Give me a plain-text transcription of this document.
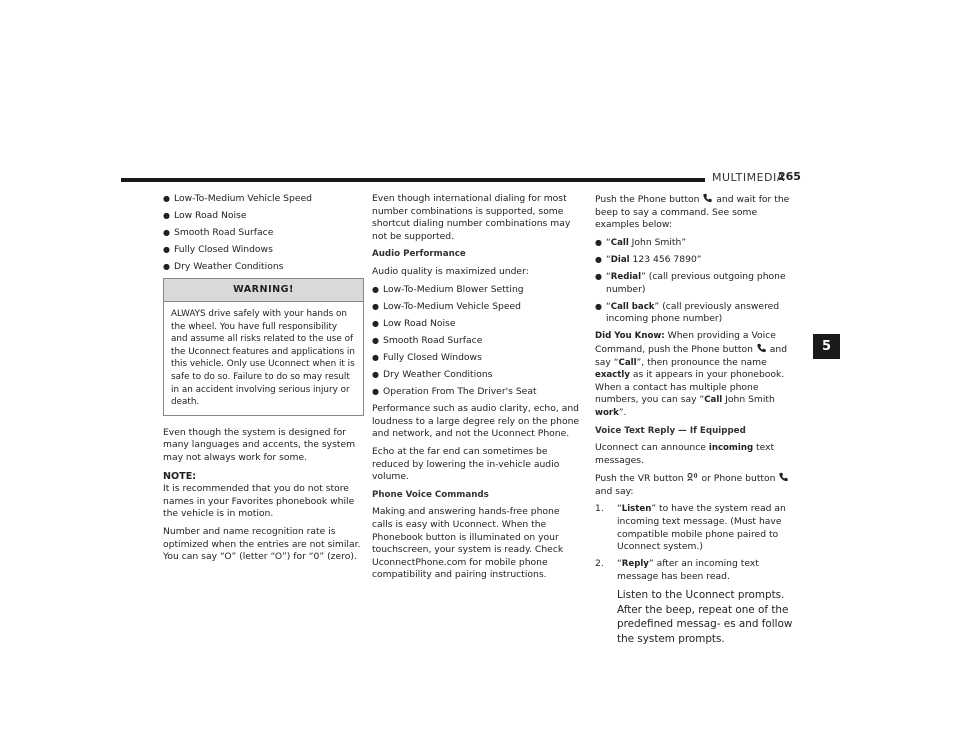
MULTIMEDIA
265
5
● Low-To-Medium Vehicle Speed
● Low Road Noise
● Smooth Road Surface
● Fully Closed Windows
● Dry Weather Conditions
WARNING!
ALWAYS drive safely with your hands on the wheel. You have full responsibility and assume all risks related to the use of the Uconnect features and applications in this vehicle. Only use Uconnect when it is safe to do so. Failure to do so may result in an accident involving serious injury or death.

Even though the system is designed for many languages and accents, the system may not always work for some.

NOTE:

It is recommended that you do not store names in your Favorites phonebook while the vehicle is in motion.

Number and name recognition rate is optimized when the entries are not similar. You can say “O” (letter “O”) for “0” (zero).

Even though international dialing for most number combinations is supported, some shortcut dialing number combinations may not be supported.

Audio Performance

Audio quality is maximized under:

● Low-To-Medium Blower Setting
● Low-To-Medium Vehicle Speed
● Low Road Noise
● Smooth Road Surface
● Fully Closed Windows
● Dry Weather Conditions
● Operation From The Driver's Seat

Performance such as audio clarity, echo, and loudness to a large degree rely on the phone and network, and not the Uconnect Phone.

Echo at the far end can sometimes be reduced by lowering the in-vehicle audio volume.

Phone Voice Commands

Making and answering hands-free phone calls is easy with Uconnect. When the Phonebook button is illuminated on your touchscreen, your system is ready. Check UconnectPhone.com for mobile phone compatibility and pairing instructions.

Push the Phone button and wait for the beep to say a command. See some examples below:

● “Call John Smith”
● “Dial 123 456 7890”
● “Redial” (call previous outgoing phone number)
● “Call back” (call previously answered incoming phone number)

Did You Know: When providing a Voice Command, push the Phone button  and say “Call”, then pronounce the name exactly as it appears in your phonebook. When a contact has multiple phone numbers, you can say “Call John Smith work”.

Voice Text Reply — If Equipped

Uconnect can announce incoming text messages.

Push the VR button or Phone button  and say:

1.	“Listen” to have the system read an incoming text message. (Must have compatible mobile phone paired to Uconnect system.)
2.	“Reply” after an incoming text message has been read.

Listen to the Uconnect prompts. After the beep, repeat one of the predefined messag- es and follow the system prompts.
